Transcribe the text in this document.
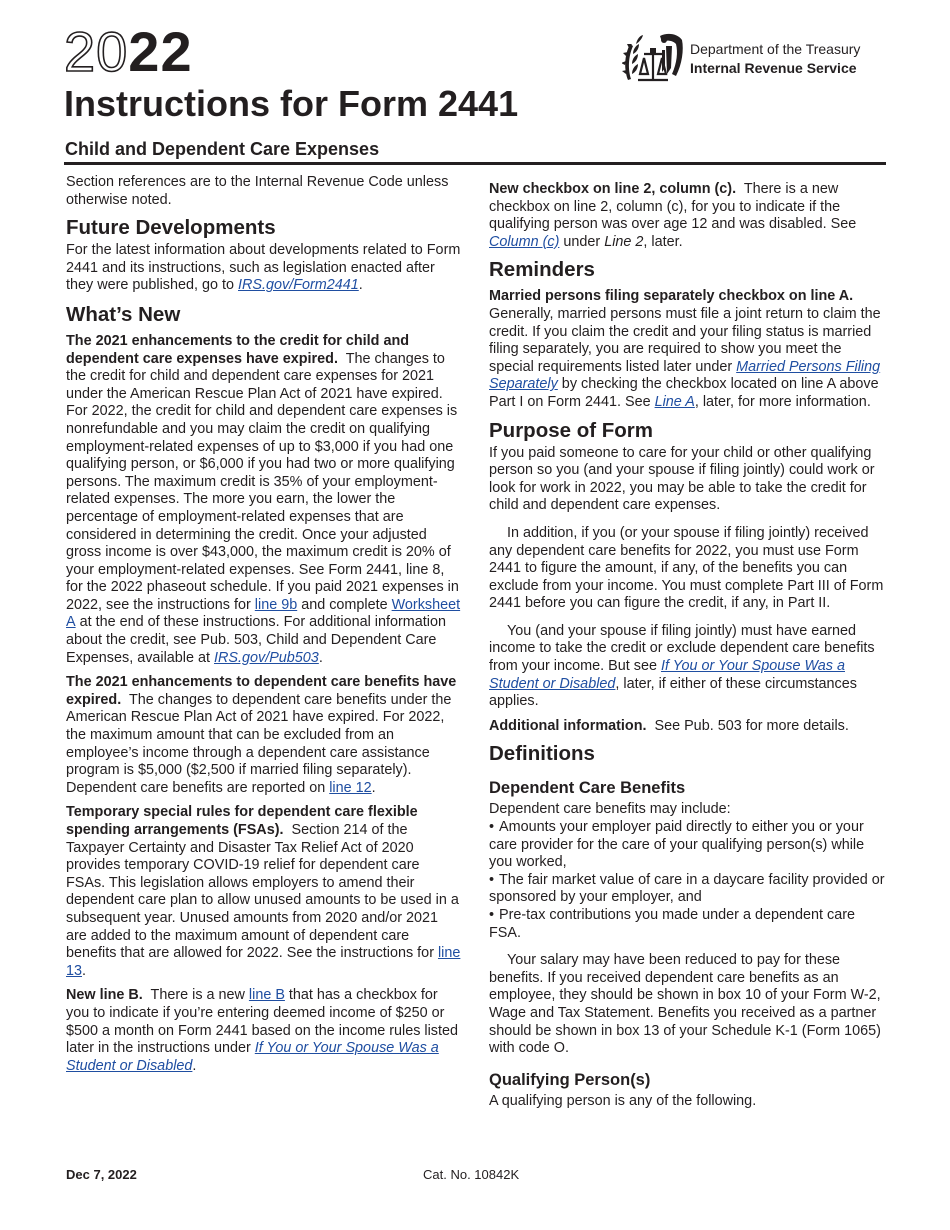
2022
Instructions for Form 2441
Child and Dependent Care Expenses
Department of the Treasury
Internal Revenue Service

Section references are to the Internal Revenue Code unless otherwise noted.

Future Developments

For the latest information about developments related to Form 2441 and its instructions, such as legislation enacted after they were published, go to IRS.gov/Form2441.

What’s New

The 2021 enhancements to the credit for child and dependent care expenses have expired. The changes to the credit for child and dependent care expenses for 2021 under the American Rescue Plan Act of 2021 have expired. For 2022, the credit for child and dependent care expenses is nonrefundable and you may claim the credit on qualifying employment-related expenses of up to $3,000 if you had one qualifying person, or $6,000 if you had two or more qualifying persons. The maximum credit is 35% of your employment-related expenses. The more you earn, the lower the percentage of employment-related expenses that are considered in determining the credit. Once your adjusted gross income is over $43,000, the maximum credit is 20% of your employment-related expenses. See Form 2441, line 8, for the 2022 phaseout schedule. If you paid 2021 expenses in 2022, see the instructions for line 9b and complete Worksheet A at the end of these instructions. For additional information about the credit, see Pub. 503, Child and Dependent Care Expenses, available at IRS.gov/Pub503.

The 2021 enhancements to dependent care benefits have expired. The changes to dependent care benefits under the American Rescue Plan Act of 2021 have expired. For 2022, the maximum amount that can be excluded from an employee’s income through a dependent care assistance program is $5,000 ($2,500 if married filing separately). Dependent care benefits are reported on line 12.

Temporary special rules for dependent care flexible spending arrangements (FSAs). Section 214 of the Taxpayer Certainty and Disaster Tax Relief Act of 2020 provides temporary COVID-19 relief for dependent care FSAs. This legislation allows employers to amend their dependent care plan to allow unused amounts to be used in a subsequent year. Unused amounts from 2020 and/or 2021 are added to the maximum amount of dependent care benefits that are allowed for 2022. See the instructions for line 13.

New line B. There is a new line B that has a checkbox for you to indicate if you’re entering deemed income of $250 or $500 a month on Form 2441 based on the income rules listed later in the instructions under If You or Your Spouse Was a Student or Disabled.

New checkbox on line 2, column (c). There is a new checkbox on line 2, column (c), for you to indicate if the qualifying person was over age 12 and was disabled. See Column (c) under Line 2, later.

Reminders

Married persons filing separately checkbox on line A. Generally, married persons must file a joint return to claim the credit. If you claim the credit and your filing status is married filing separately, you are required to show you meet the special requirements listed later under Married Persons Filing Separately by checking the checkbox located on line A above Part I on Form 2441. See Line A, later, for more information.

Purpose of Form

If you paid someone to care for your child or other qualifying person so you (and your spouse if filing jointly) could work or look for work in 2022, you may be able to take the credit for child and dependent care expenses.

In addition, if you (or your spouse if filing jointly) received any dependent care benefits for 2022, you must use Form 2441 to figure the amount, if any, of the benefits you can exclude from your income. You must complete Part III of Form 2441 before you can figure the credit, if any, in Part II.

You (and your spouse if filing jointly) must have earned income to take the credit or exclude dependent care benefits from your income. But see If You or Your Spouse Was a Student or Disabled, later, if either of these circumstances applies.

Additional information. See Pub. 503 for more details.

Definitions
Dependent Care Benefits

Dependent care benefits may include:

• Amounts your employer paid directly to either you or your care provider for the care of your qualifying person(s) while you worked,

• The fair market value of care in a daycare facility provided or sponsored by your employer, and

• Pre-tax contributions you made under a dependent care FSA.

Your salary may have been reduced to pay for these benefits. If you received dependent care benefits as an employee, they should be shown in box 10 of your Form W-2, Wage and Tax Statement. Benefits you received as a partner should be shown in box 13 of your Schedule K-1 (Form 1065) with code O.

Qualifying Person(s)

A qualifying person is any of the following.

Dec 7, 2022	Cat. No. 10842K
